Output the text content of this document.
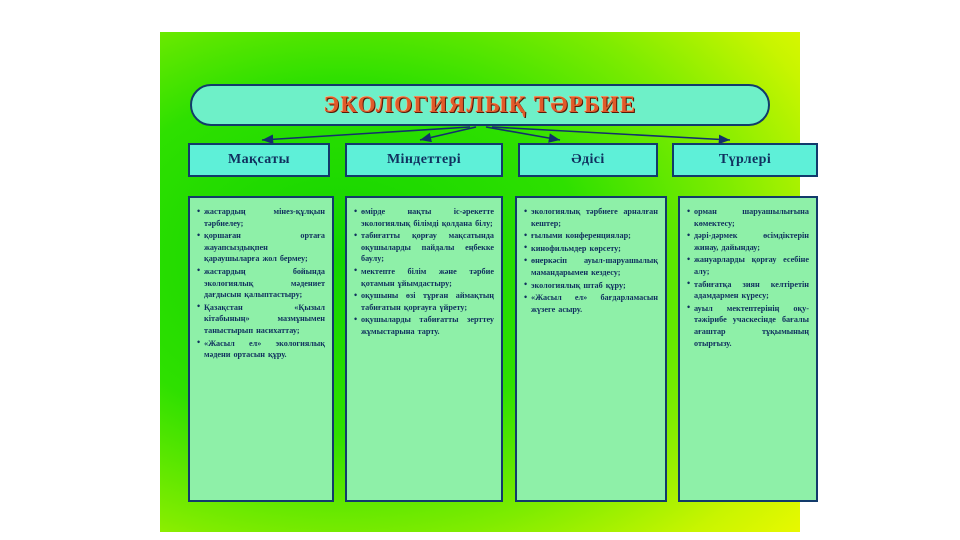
ЭКОЛОГИЯЛЫҚ ТӘРБИЕ
Мақсаты
• жастардың мінез-құлқын тәрбиелеу;
• қоршаған ортаға жауапсыздықпен қараушыларға жол бермеу;
• жастардың бойында экологиялық мәдениет дағдысын қалыптастыру;
• Қазақстан «Қызыл кітабының» мазмұнымен таныстырып насихаттау;
• «Жасыл ел» экологиялық мәдени ортасын құру.
Міндеттері
• өмірде нақты іс-әрекетте экологиялық білімді қолдана білу;
• табиғатты қорғау мақсатында оқушыларды пайдалы еңбекке баулу;
• мектепте білім және тәрбие қотамын ұйымдастыру;
• оқушыны өзі тұрған аймақтың табиғатын қорғауға үйрету;
• оқушыларды табиғатты зерттеу жұмыстарына тарту.
Әдісі
• экологиялық тәрбиеге арналған кештер;
• ғылыми конференциялар;
• кинофильмдер көрсету;
• өнеркәсіп ауыл-шаруашылық мамандарымен кездесу;
• экологиялық штаб құру;
• «Жасыл ел» бағдарламасын жүзеге асыру.
Түрлері
• орман шаруашылығына көмектесу;
• дәрі-дәрмек өсімдіктерін жинау, дайындау;
• жануарларды қорғау есебіне алу;
• табиғатқа зиян келтіретін адамдармен күресу;
• ауыл мектептерінің оқу-тәжірибе учаскесінде бағалы ағаштар тұқымының отырғызу.
